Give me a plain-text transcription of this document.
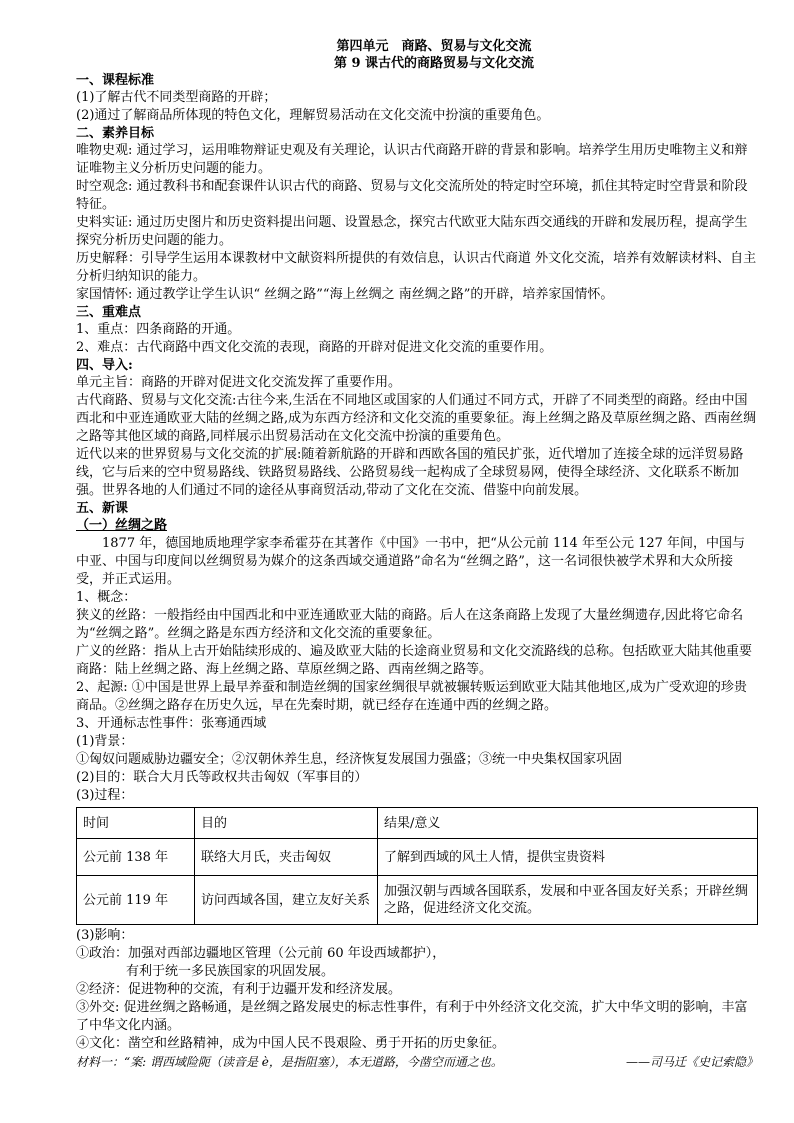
第四单元　商路、贸易与文化交流

第 9 课古代的商路贸易与文化交流

一、课程标准

(1)了解古代不同类型商路的开辟；

(2)通过了解商品所体现的特色文化，理解贸易活动在文化交流中扮演的重要角色。

二、素养目标

唯物史观: 通过学习，运用唯物辩证史观及有关理论，认识古代商路开辟的背景和影响。培养学生用历史唯物主义和辩证唯物主义分析历史问题的能力。

时空观念: 通过教科书和配套课件认识古代的商路、贸易与文化交流所处的特定时空环境，抓住其特定时空背景和阶段特征。

史料实证: 通过历史图片和历史资料提出问题、设置悬念，探究古代欧亚大陆东西交通线的开辟和发展历程，提高学生探究分析历史问题的能力。

历史解释：引导学生运用本课教材中文献资料所提供的有效信息，认识古代商道 外文化交流，培养有效解读材料、自主分析归纳知识的能力。

家国情怀: 通过教学让学生认识“ 丝绸之路”“海上丝绸之 南丝绸之路”的开辟，培养家国情怀。

三、重难点

1、重点：四条商路的开通。

2、难点：古代商路中西文化交流的表现，商路的开辟对促进文化交流的重要作用。

四、导入:

单元主旨：商路的开辟对促进文化交流发挥了重要作用。

古代商路、贸易与文化交流:古往今来,生活在不同地区或国家的人们通过不同方式，开辟了不同类型的商路。经由中国西北和中亚连通欧亚大陆的丝绸之路,成为东西方经济和文化交流的重要象征。海上丝绸之路及草原丝绸之路、西南丝绸之路等其他区域的商路,同样展示出贸易活动在文化交流中扮演的重要角色。

近代以来的世界贸易与文化交流的扩展:随着新航路的开辟和西欧各国的殖民扩张，近代增加了连接全球的远洋贸易路线，它与后来的空中贸易路线、铁路贸易路线、公路贸易线一起构成了全球贸易网，使得全球经济、文化联系不断加强。世界各地的人们通过不同的途径从事商贸活动,带动了文化在交流、借鉴中向前发展。

五、新课

（一）丝绸之路

1877 年，德国地质地理学家李希霍芬在其著作《中国》一书中，把“从公元前 114 年至公元 127 年间，中国与中亚、中国与印度间以丝绸贸易为媒介的这条西域交通道路”命名为“丝绸之路”，这一名词很快被学术界和大众所接受，并正式运用。

1、概念：

狭义的丝路：一般指经由中国西北和中亚连通欧亚大陆的商路。后人在这条商路上发现了大量丝绸遗存,因此将它命名为“丝绸之路”。丝绸之路是东西方经济和文化交流的重要象征。

广义的丝路：指从上古开始陆续形成的、遍及欧亚大陆的长途商业贸易和文化交流路线的总称。包括欧亚大陆其他重要商路：陆上丝绸之路、海上丝绸之路、草原丝绸之路、西南丝绸之路等。

2、起源: ①中国是世界上最早养蚕和制造丝绸的国家丝绸很早就被辗转贩运到欧亚大陆其他地区,成为广受欢迎的珍贵商品。②丝绸之路存在历史久远，早在先秦时期，就已经存在连通中西的丝绸之路。

3、开通标志性事件：张骞通西域

(1)背景：

①匈奴问题威胁边疆安全；②汉朝休养生息，经济恢复发展国力强盛；③统一中央集权国家巩固

(2)目的：联合大月氏等政权共击匈奴（军事目的）

(3)过程：

时间	目的	结果/意义
公元前 138 年	联络大月氏，夹击匈奴	了解到西域的风土人情，提供宝贵资料
公元前 119 年	访问西域各国，建立友好关系	加强汉朝与西域各国联系，发展和中亚各国友好关系；开辟丝绸之路，促进经济文化交流。

(3)影响：

①政治：加强对西部边疆地区管理（公元前 60 年设西域都护），

有利于统一多民族国家的巩固发展。

②经济：促进物种的交流，有利于边疆开发和经济发展。

③外交: 促进丝绸之路畅通，是丝绸之路发展史的标志性事件，有利于中外经济文化交流，扩大中华文明的影响，丰富了中华文化内涵。

④文化：凿空和丝路精神，成为中国人民不畏艰险、勇于开拓的历史象征。

材料一：“案: 谓西域险阨（读音是 è，是指阻塞），本无道路，今凿空而通之也。	——司马迁《史记索隐》
